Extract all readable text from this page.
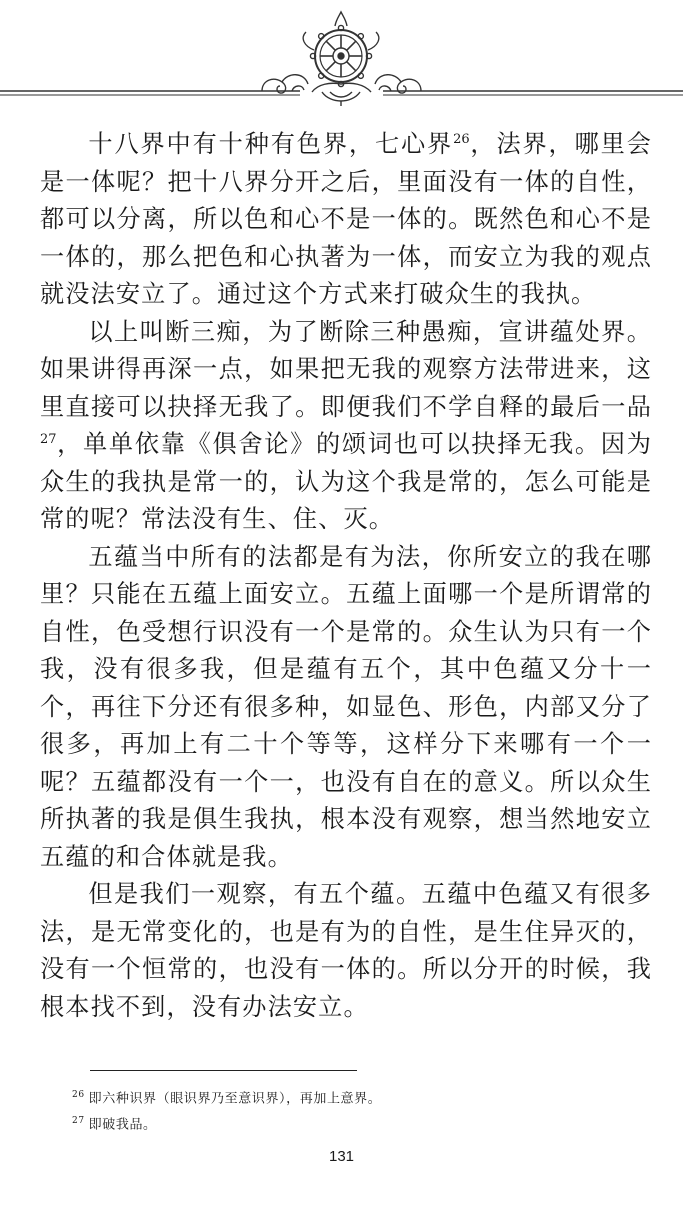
十八界中有十种有色界，七心界$^{26}$，法界，哪里会是一体呢？把十八界分开之后，里面没有一体的自性，都可以分离，所以色和心不是一体的。既然色和心不是一体的，那么把色和心执著为一体，而安立为我的观点就没法安立了。通过这个方式来打破众生的我执。

以上叫断三痴，为了断除三种愚痴，宣讲蕴处界。如果讲得再深一点，如果把无我的观察方法带进来，这里直接可以抉择无我了。即便我们不学自释的最后一品$^{27}$，单单依靠《俱舍论》的颂词也可以抉择无我。因为众生的我执是常一的，认为这个我是常的，怎么可能是常的呢？常法没有生、住、灭。

五蕴当中所有的法都是有为法，你所安立的我在哪里？只能在五蕴上面安立。五蕴上面哪一个是所谓常的自性，色受想行识没有一个是常的。众生认为只有一个我，没有很多我，但是蕴有五个，其中色蕴又分十一个，再往下分还有很多种，如显色、形色，内部又分了很多，再加上有二十个等等，这样分下来哪有一个一呢？五蕴都没有一个一，也没有自在的意义。所以众生所执著的我是俱生我执，根本没有观察，想当然地安立五蕴的和合体就是我。

但是我们一观察，有五个蕴。五蕴中色蕴又有很多法，是无常变化的，也是有为的自性，是生住异灭的，没有一个恒常的，也没有一体的。所以分开的时候，我根本找不到，没有办法安立。

$^{26}$ 即六种识界（眼识界乃至意识界），再加上意界。
$^{27}$ 即破我品。
131
